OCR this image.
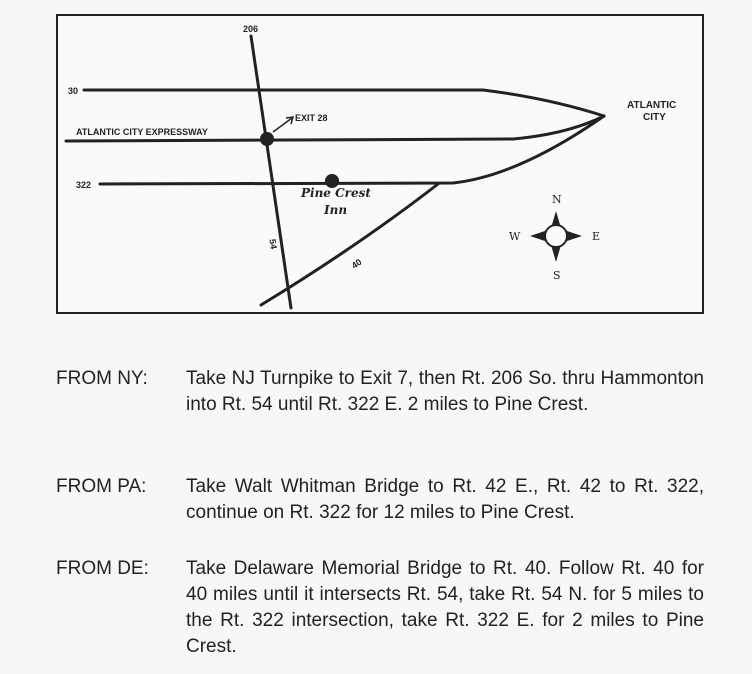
206
30
ATLANTIC CITY EXPRESSWAY
322
EXIT 28
54
40
ATLANTIC
CITY
Pine Crest
Inn
N
S
W	E
FROM NY: Take NJ Turnpike to Exit 7, then Rt. 206 So. thru Hammonton into Rt. 54 until Rt. 322 E. 2 miles to Pine Crest.
FROM PA: Take Walt Whitman Bridge to Rt. 42 E., Rt. 42 to Rt. 322, continue on Rt. 322 for 12 miles to Pine Crest.
FROM DE: Take Delaware Memorial Bridge to Rt. 40. Follow Rt. 40 for 40 miles until it intersects Rt. 54, take Rt. 54 N. for 5 miles to the Rt. 322 intersection, take Rt. 322 E. for 2 miles to Pine Crest.
